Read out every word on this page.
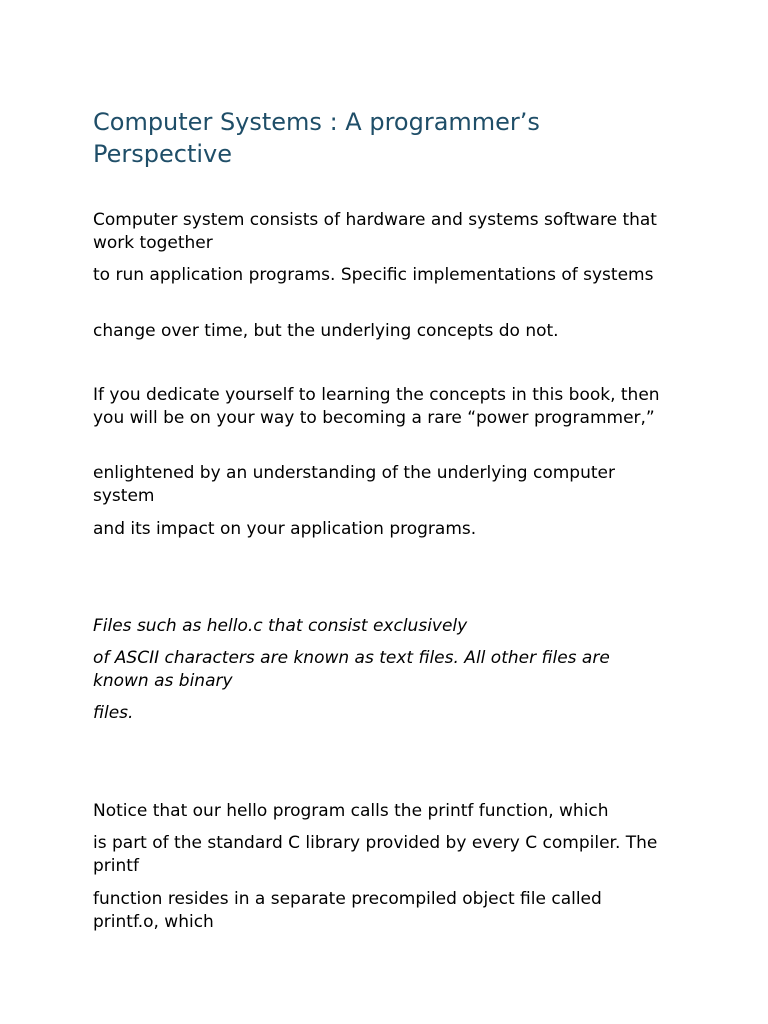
Computer Systems : A programmer’s Perspective

Computer system consists of hardware and systems software that work together

to run application programs. Specific implementations of systems

change over time, but the underlying concepts do not.

If you dedicate yourself to learning the concepts in this book, then you will be on your way to becoming a rare “power programmer,”

enlightened by an understanding of the underlying computer system

and its impact on your application programs.

Files such as hello.c that consist exclusively

of ASCII characters are known as text files. All other files are known as binary

files.

Notice that our hello program calls the printf function, which

is part of the standard C library provided by every C compiler. The printf

function resides in a separate precompiled object file called printf.o, which
